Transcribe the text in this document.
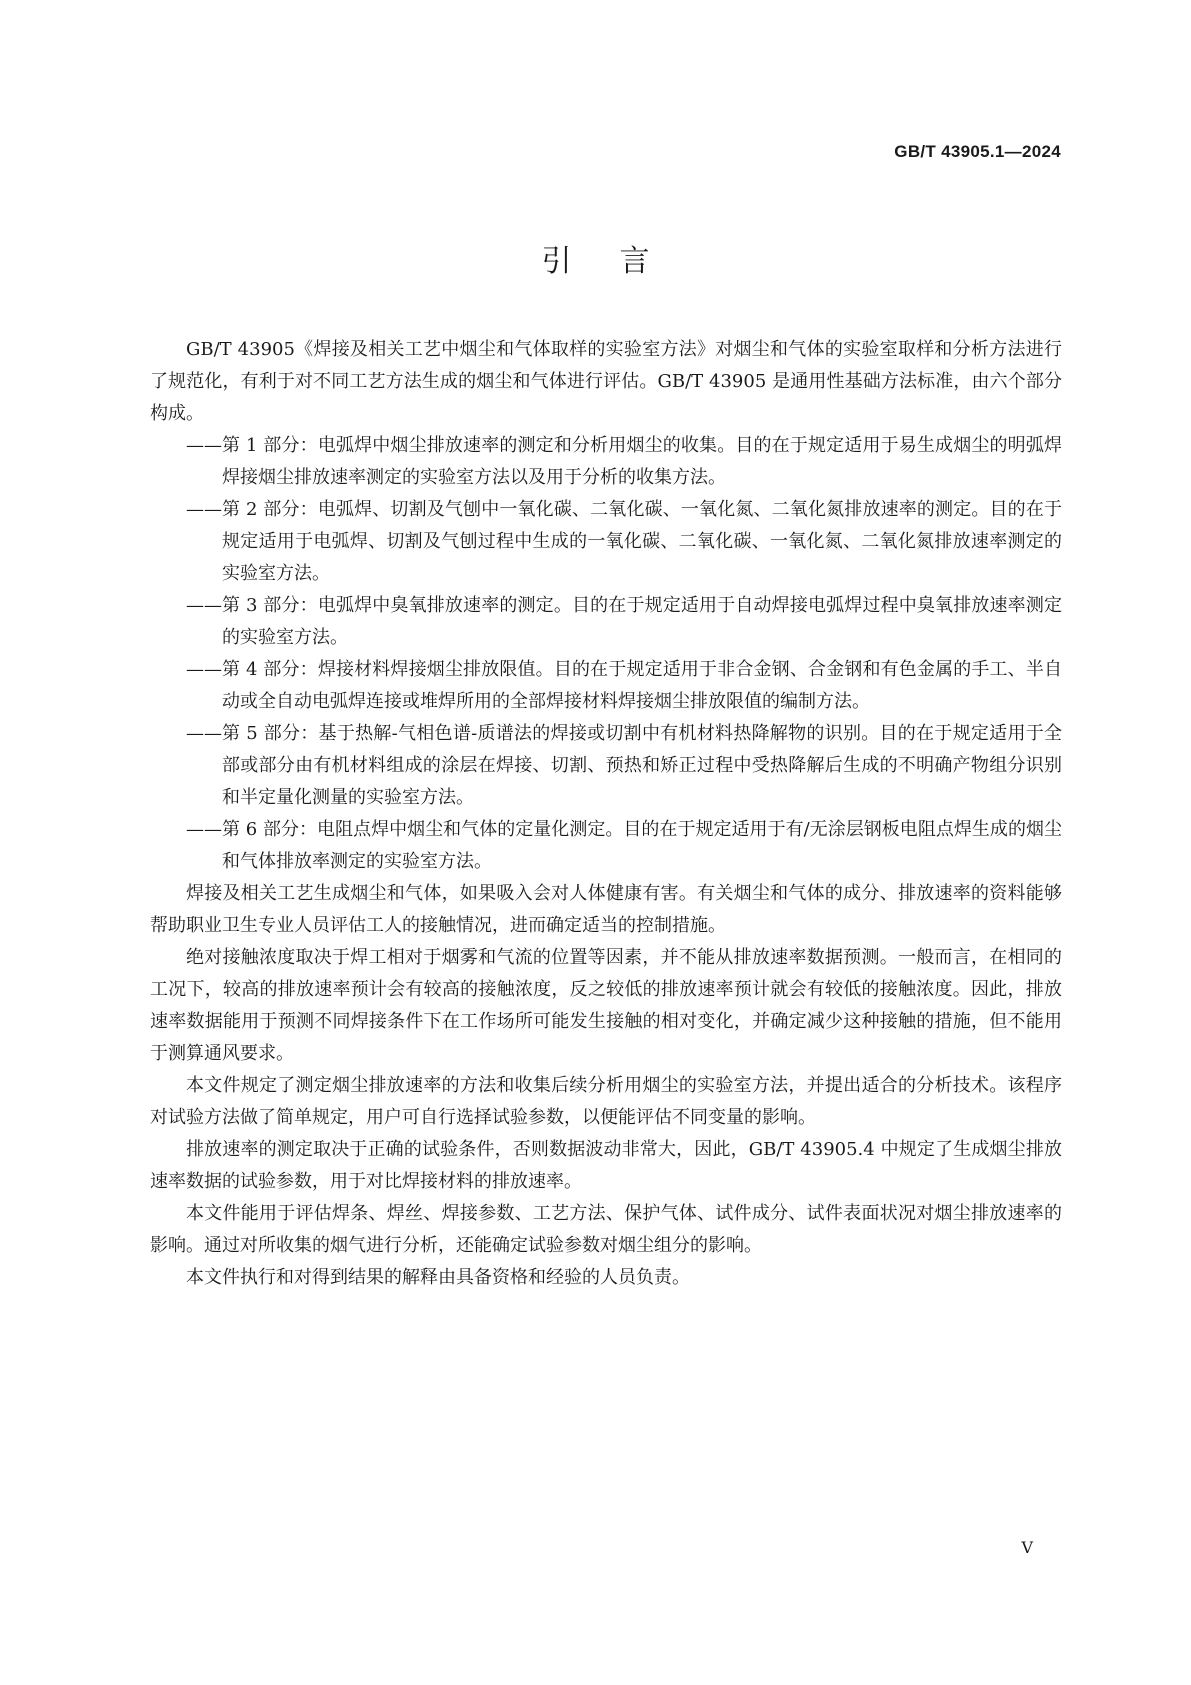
GB/T 43905.1—2024
引言

GB/T 43905《焊接及相关工艺中烟尘和气体取样的实验室方法》对烟尘和气体的实验室取样和分析方法进行了规范化，有利于对不同工艺方法生成的烟尘和气体进行评估。GB/T 43905 是通用性基础方法标准，由六个部分构成。

—— 第 1 部分：电弧焊中烟尘排放速率的测定和分析用烟尘的收集。目的在于规定适用于易生成烟尘的明弧焊焊接烟尘排放速率测定的实验室方法以及用于分析的收集方法。
—— 第 2 部分：电弧焊、切割及气刨中一氧化碳、二氧化碳、一氧化氮、二氧化氮排放速率的测定。目的在于规定适用于电弧焊、切割及气刨过程中生成的一氧化碳、二氧化碳、一氧化氮、二氧化氮排放速率测定的实验室方法。
—— 第 3 部分：电弧焊中臭氧排放速率的测定。目的在于规定适用于自动焊接电弧焊过程中臭氧排放速率测定的实验室方法。
—— 第 4 部分：焊接材料焊接烟尘排放限值。目的在于规定适用于非合金钢、合金钢和有色金属的手工、半自动或全自动电弧焊连接或堆焊所用的全部焊接材料焊接烟尘排放限值的编制方法。
—— 第 5 部分：基于热解-气相色谱-质谱法的焊接或切割中有机材料热降解物的识别。目的在于规定适用于全部或部分由有机材料组成的涂层在焊接、切割、预热和矫正过程中受热降解后生成的不明确产物组分识别和半定量化测量的实验室方法。
—— 第 6 部分：电阻点焊中烟尘和气体的定量化测定。目的在于规定适用于有/无涂层钢板电阻点焊生成的烟尘和气体排放率测定的实验室方法。

焊接及相关工艺生成烟尘和气体，如果吸入会对人体健康有害。有关烟尘和气体的成分、排放速率的资料能够帮助职业卫生专业人员评估工人的接触情况，进而确定适当的控制措施。

绝对接触浓度取决于焊工相对于烟雾和气流的位置等因素，并不能从排放速率数据预测。一般而言，在相同的工况下，较高的排放速率预计会有较高的接触浓度，反之较低的排放速率预计就会有较低的接触浓度。因此，排放速率数据能用于预测不同焊接条件下在工作场所可能发生接触的相对变化，并确定减少这种接触的措施，但不能用于测算通风要求。

本文件规定了测定烟尘排放速率的方法和收集后续分析用烟尘的实验室方法，并提出适合的分析技术。该程序对试验方法做了简单规定，用户可自行选择试验参数，以便能评估不同变量的影响。

排放速率的测定取决于正确的试验条件，否则数据波动非常大，因此，GB/T 43905.4 中规定了生成烟尘排放速率数据的试验参数，用于对比焊接材料的排放速率。

本文件能用于评估焊条、焊丝、焊接参数、工艺方法、保护气体、试件成分、试件表面状况对烟尘排放速率的影响。通过对所收集的烟气进行分析，还能确定试验参数对烟尘组分的影响。

本文件执行和对得到结果的解释由具备资格和经验的人员负责。

V
